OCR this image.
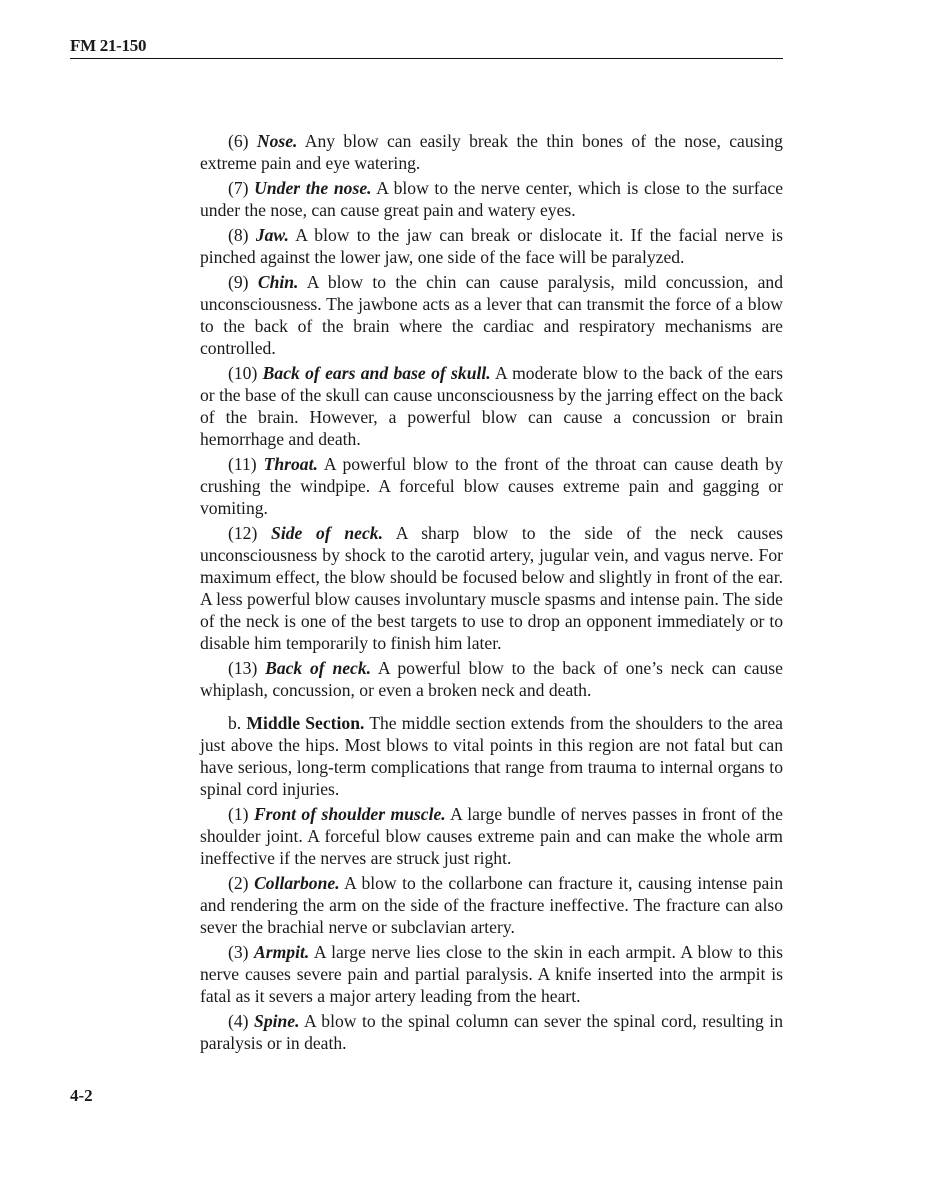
FM 21-150

(6) Nose. Any blow can easily break the thin bones of the nose, causing extreme pain and eye watering.

(7) Under the nose. A blow to the nerve center, which is close to the surface under the nose, can cause great pain and watery eyes.

(8) Jaw. A blow to the jaw can break or dislocate it. If the facial nerve is pinched against the lower jaw, one side of the face will be paralyzed.

(9) Chin. A blow to the chin can cause paralysis, mild concussion, and unconsciousness. The jawbone acts as a lever that can transmit the force of a blow to the back of the brain where the cardiac and respiratory mechanisms are controlled.

(10) Back of ears and base of skull. A moderate blow to the back of the ears or the base of the skull can cause unconsciousness by the jarring effect on the back of the brain. However, a powerful blow can cause a concussion or brain hemorrhage and death.

(11) Throat. A powerful blow to the front of the throat can cause death by crushing the windpipe. A forceful blow causes extreme pain and gagging or vomiting.

(12) Side of neck. A sharp blow to the side of the neck causes unconsciousness by shock to the carotid artery, jugular vein, and vagus nerve. For maximum effect, the blow should be focused below and slightly in front of the ear. A less powerful blow causes involuntary muscle spasms and intense pain. The side of the neck is one of the best targets to use to drop an opponent immediately or to disable him temporarily to finish him later.

(13) Back of neck. A powerful blow to the back of one’s neck can cause whiplash, concussion, or even a broken neck and death.

b. Middle Section. The middle section extends from the shoulders to the area just above the hips. Most blows to vital points in this region are not fatal but can have serious, long-term complications that range from trauma to internal organs to spinal cord injuries.

(1) Front of shoulder muscle. A large bundle of nerves passes in front of the shoulder joint. A forceful blow causes extreme pain and can make the whole arm ineffective if the nerves are struck just right.

(2) Collarbone. A blow to the collarbone can fracture it, causing intense pain and rendering the arm on the side of the fracture ineffective. The fracture can also sever the brachial nerve or subclavian artery.

(3) Armpit. A large nerve lies close to the skin in each armpit. A blow to this nerve causes severe pain and partial paralysis. A knife inserted into the armpit is fatal as it severs a major artery leading from the heart.

(4) Spine. A blow to the spinal column can sever the spinal cord, resulting in paralysis or in death.

4-2
